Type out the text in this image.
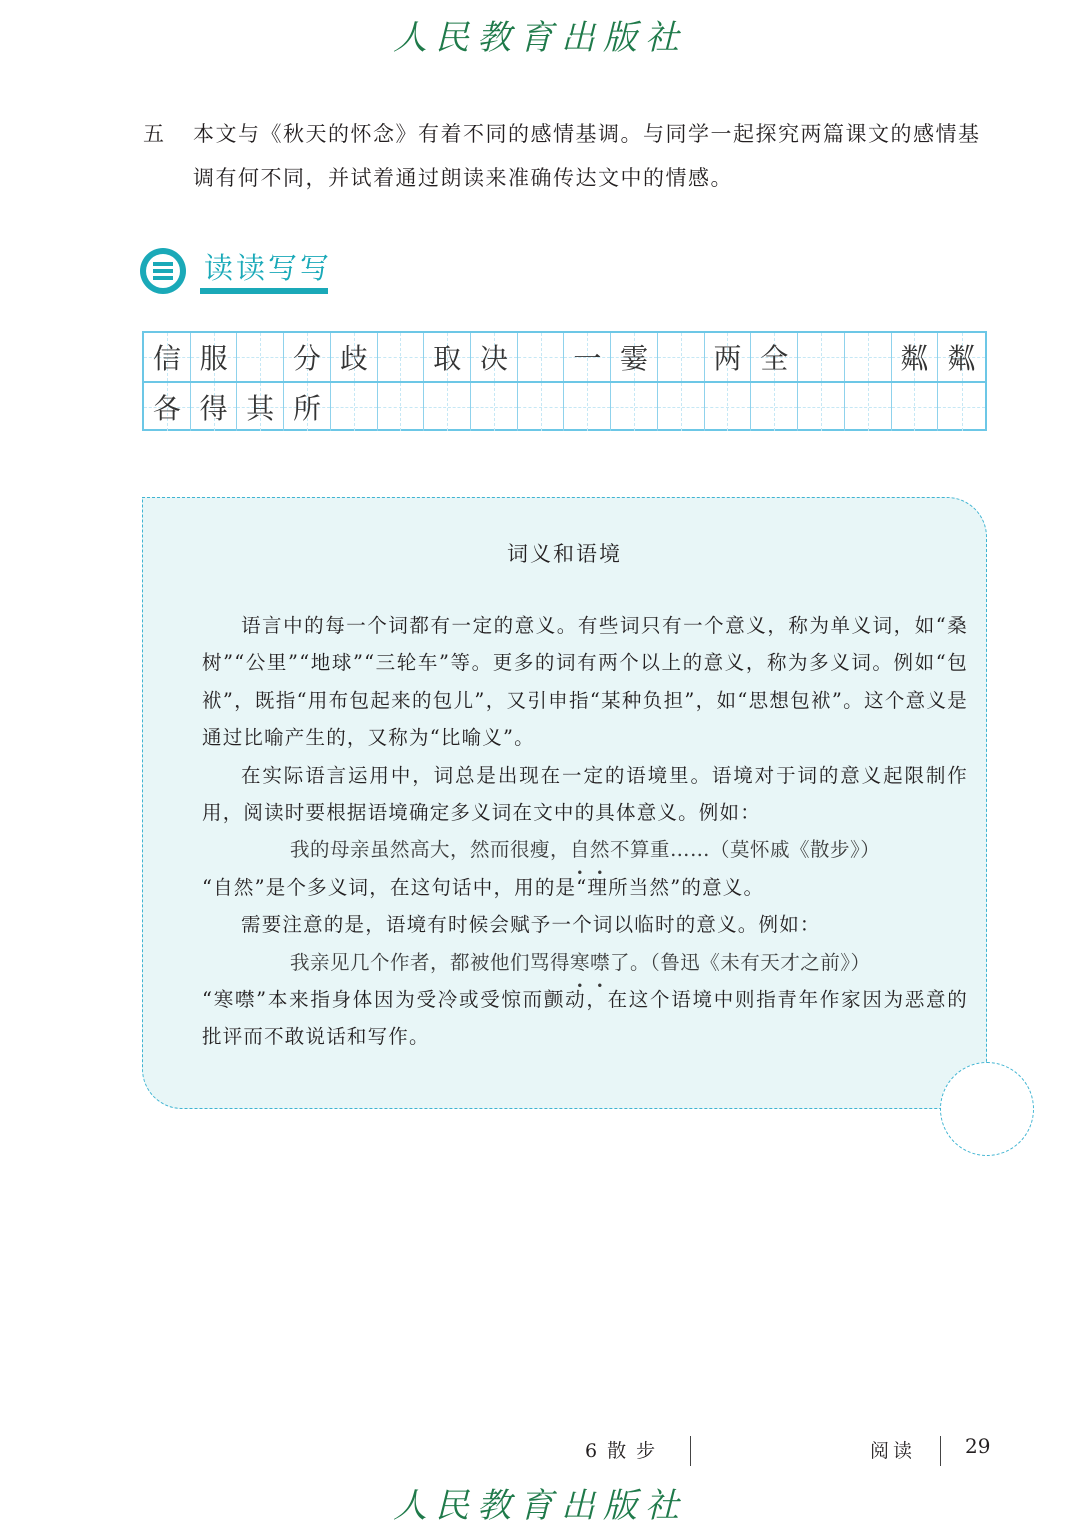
人民教育出版社
五 本文与《秋天的怀念》有着不同的感情基调。与同学一起探究两篇课文的感情基调有何不同，并试着通过朗读来准确传达文中的情感。
读读写写
信 服 分 歧 取 决 一 霎 两 全	粼 粼
各 得 其 所
词义和语境

语言中的每一个词都有一定的意义。有些词只有一个意义，称为单义词，如“桑树”“公里”“地球”“三轮车”等。更多的词有两个以上的意义，称为多义词。例如“包袱”，既指“用布包起来的包儿”，又引申指“某种负担”，如“思想包袱”。这个意义是通过比喻产生的，又称为“比喻义”。

在实际语言运用中，词总是出现在一定的语境里。语境对于词的意义起限制作用，阅读时要根据语境确定多义词在文中的具体意义。例如：

我的母亲虽然高大，然而很瘦，自然不算重……（莫怀戚《散步》）

“自然”是个多义词，在这句话中，用的是“理所当然”的意义。

需要注意的是，语境有时候会赋予一个词以临时的意义。例如：

我亲见几个作者，都被他们骂得寒噤了。（鲁迅《未有天才之前》）

“寒噤”本来指身体因为受冷或受惊而颤动，在这个语境中则指青年作家因为恶意的批评而不敢说话和写作。

6 散 步	阅读 29
人民教育出版社
